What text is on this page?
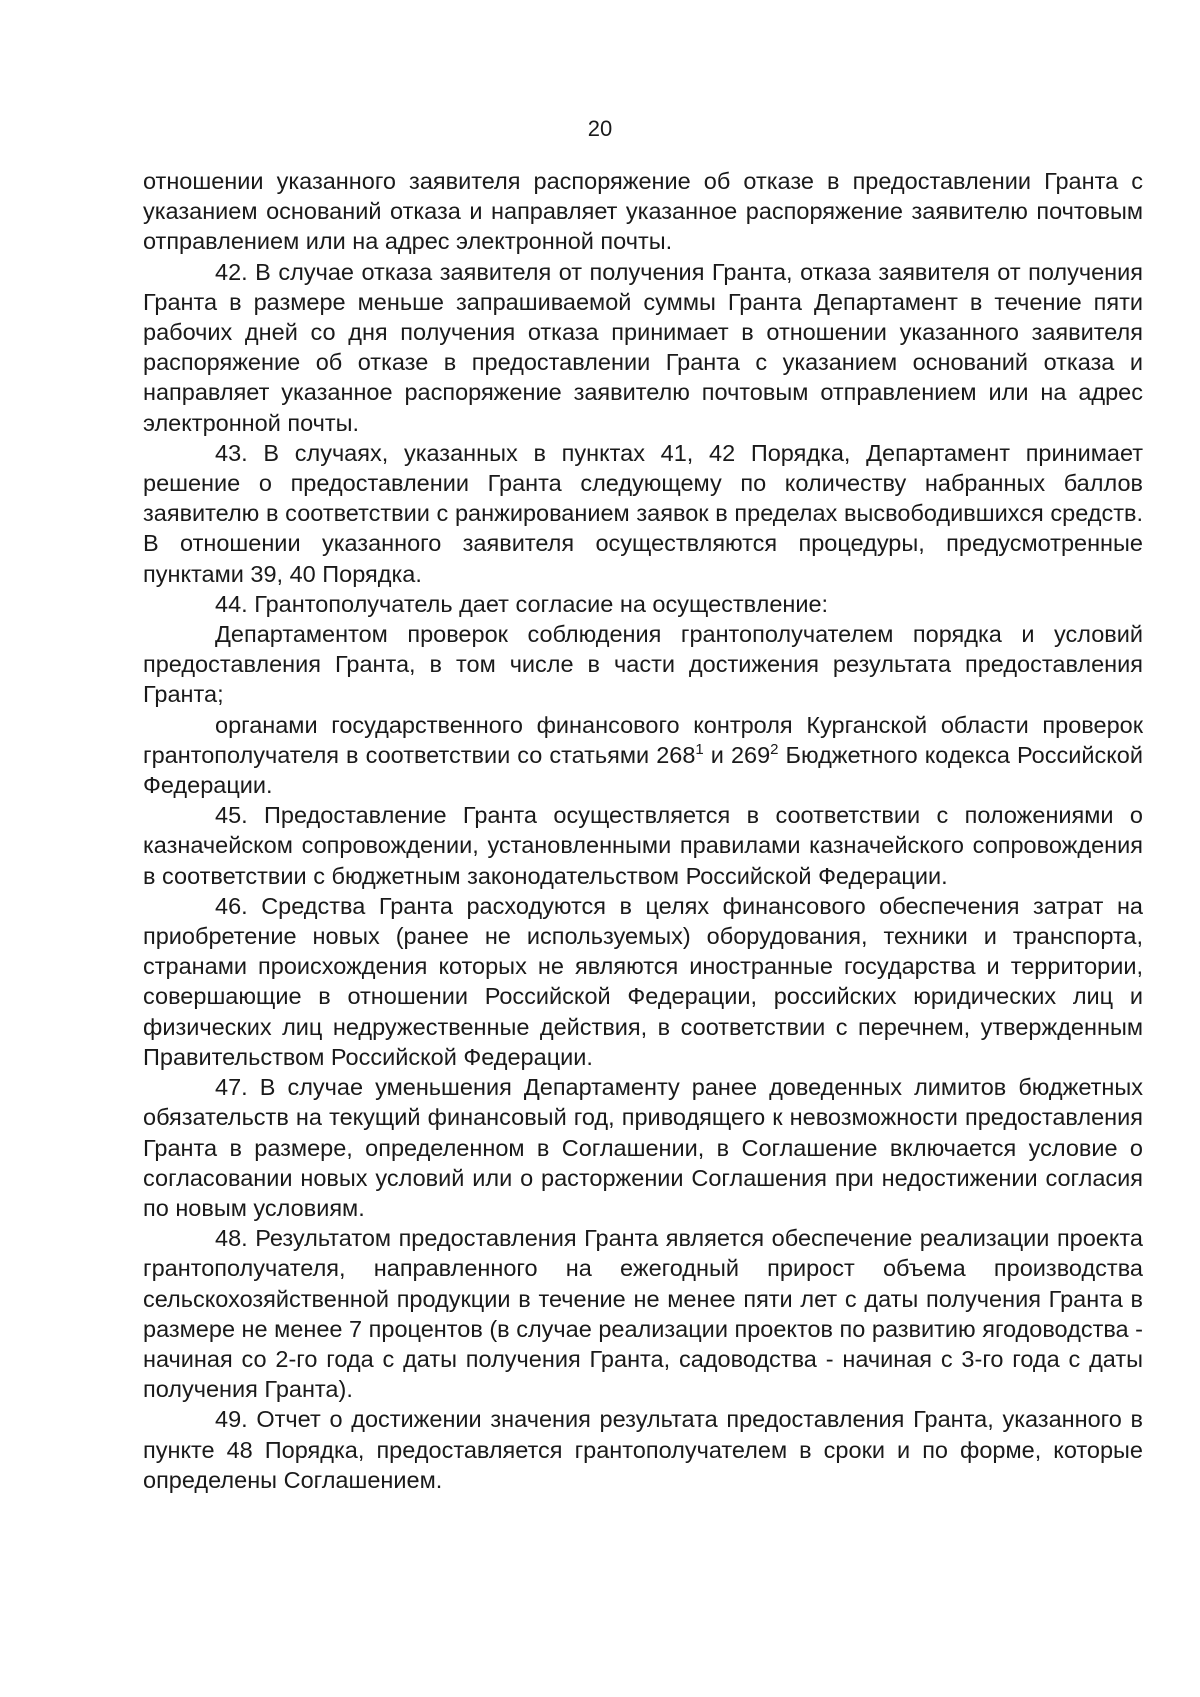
20

отношении указанного заявителя распоряжение об отказе в предоставлении Гранта с указанием оснований отказа и направляет указанное распоряжение заявителю почтовым отправлением или на адрес электронной почты.

42. В случае отказа заявителя от получения Гранта, отказа заявителя от получения Гранта в размере меньше запрашиваемой суммы Гранта Департамент в течение пяти рабочих дней со дня получения отказа принимает в отношении указанного заявителя распоряжение об отказе в предоставлении Гранта с указанием оснований отказа и направляет указанное распоряжение заявителю почтовым отправлением или на адрес электронной почты.

43. В случаях, указанных в пунктах 41, 42 Порядка, Департамент принимает решение о предоставлении Гранта следующему по количеству набранных баллов заявителю в соответствии с ранжированием заявок в пределах высвободившихся средств. В отношении указанного заявителя осуществляются процедуры, предусмотренные пунктами 39, 40 Порядка.

44. Грантополучатель дает согласие на осуществление:

Департаментом проверок соблюдения грантополучателем порядка и условий предоставления Гранта, в том числе в части достижения результата предоставления Гранта;

органами государственного финансового контроля Курганской области проверок грантополучателя в соответствии со статьями $268^1$ и $269^2$ Бюджетного кодекса Российской Федерации.

45. Предоставление Гранта осуществляется в соответствии с положениями о казначейском сопровождении, установленными правилами казначейского сопровождения в соответствии с бюджетным законодательством Российской Федерации.

46. Средства Гранта расходуются в целях финансового обеспечения затрат на приобретение новых (ранее не используемых) оборудования, техники и транспорта, странами происхождения которых не являются иностранные государства и территории, совершающие в отношении Российской Федерации, российских юридических лиц и физических лиц недружественные действия, в соответствии с перечнем, утвержденным Правительством Российской Федерации.

47. В случае уменьшения Департаменту ранее доведенных лимитов бюджетных обязательств на текущий финансовый год, приводящего к невозможности предоставления Гранта в размере, определенном в Соглашении, в Соглашение включается условие о согласовании новых условий или о расторжении Соглашения при недостижении согласия по новым условиям.

48. Результатом предоставления Гранта является обеспечение реализации проекта грантополучателя, направленного на ежегодный прирост объема производства сельскохозяйственной продукции в течение не менее пяти лет с даты получения Гранта в размере не менее 7 процентов (в случае реализации проектов по развитию ягодоводства - начиная со 2-го года с даты получения Гранта, садоводства - начиная с 3-го года с даты получения Гранта).

49. Отчет о достижении значения результата предоставления Гранта, указанного в пункте 48 Порядка, предоставляется грантополучателем в сроки и по форме, которые определены Соглашением.
